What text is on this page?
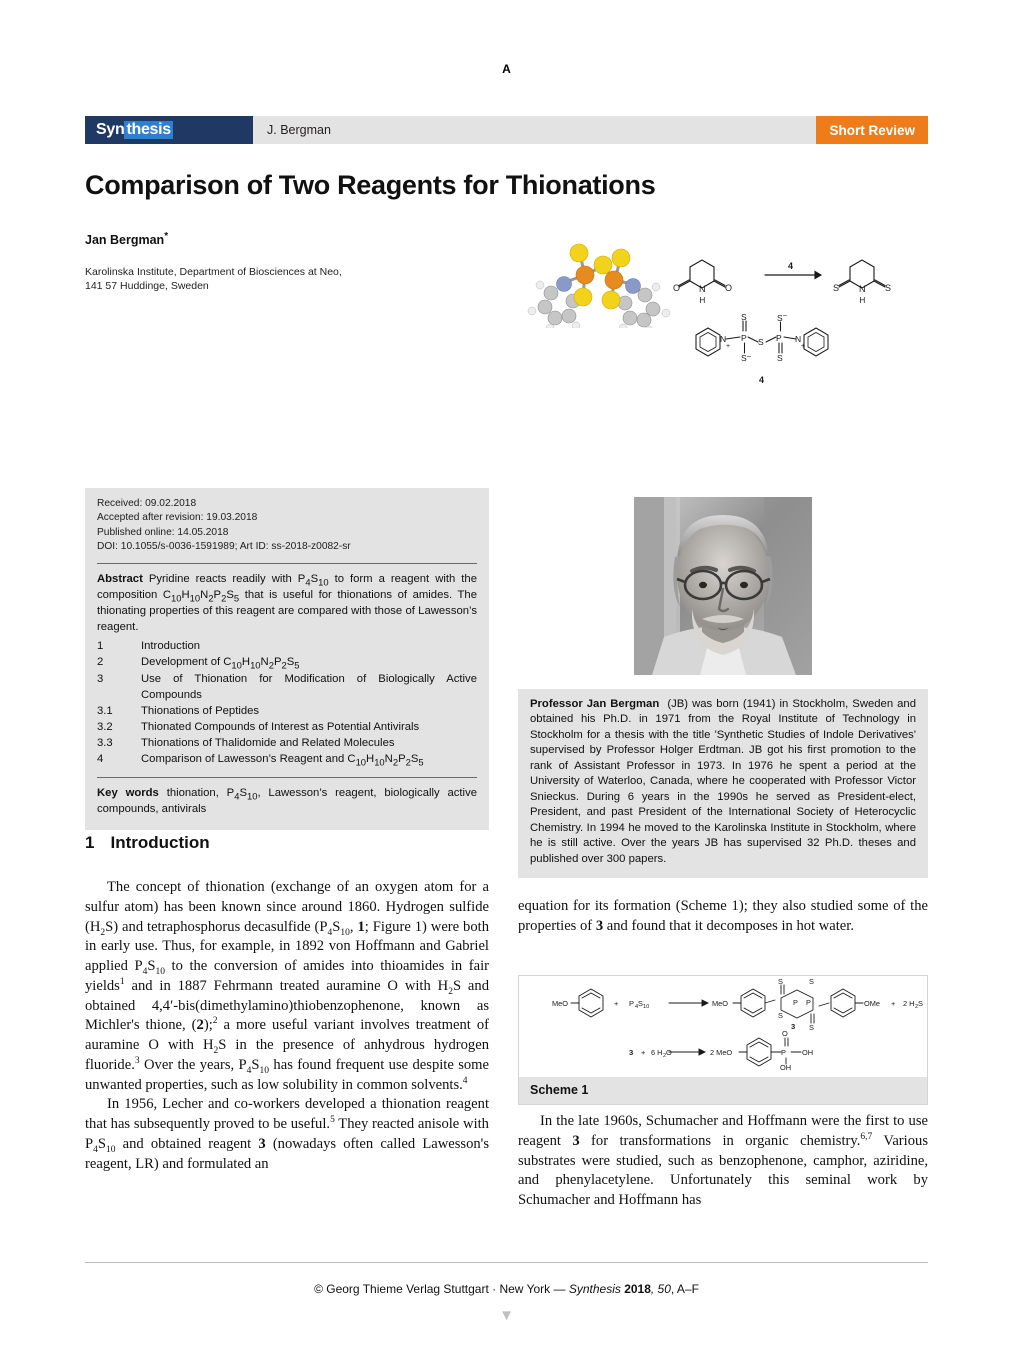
A
Syn thesis	J. Bergman	Short Review
Comparison of Two Reagents for Thionations
Jan Bergman*
Karolinska Institute, Department of Biosciences at Neo,
141 57 Huddinge, Sweden	O	O
N
H
S	S
N
H
4
N
+
P
S
S –
S P
S –
S
N
+
4
Received: 09.02.2018
Accepted after revision: 19.03.2018
Published online: 14.05.2018
DOI: 10.1055/s-0036-1591989; Art ID: ss-2018-z0082-sr
Abstract Pyridine reacts readily with $P_4S_{10}$ to form a reagent with the composition $C_{10}H_{10}N_2P_2S_5$ that is useful for thionations of amides. The thionating properties of this reagent are compared with those of Lawesson’s reagent.
1	Introduction
2	Development of $C_{10}H_{10}N_2P_2S_5$
3	Use of Thionation for Modification of Biologically Active Compounds
3.1	Thionations of Peptides
3.2	Thionated Compounds of Interest as Potential Antivirals
3.3	Thionations of Thalidomide and Related Molecules
4	Comparison of Lawesson’s Reagent and $C_{10}H_{10}N_2P_2S_5$
Key words thionation, $P_4S_{10}$, Lawesson’s reagent, biologically active compounds, antivirals
Professor Jan Bergman (JB) was born (1941) in Stockholm, Sweden and obtained his Ph.D. in 1971 from the Royal Institute of Technology in Stockholm for a thesis with the title 'Synthetic Studies of Indole Derivatives' supervised by Professor Holger Erdtman. JB got his first promotion to the rank of Assistant Professor in 1973. In 1976 he spent a period at the University of Waterloo, Canada, where he cooperated with Professor Victor Snieckus. During 6 years in the 1990s he served as President-elect, President, and past President of the International Society of Heterocyclic Chemistry. In 1994 he moved to the Karolinska Institute in Stockholm, where he is still active. Over the years JB has supervised 32 Ph.D. theses and published over 300 papers.
1 Introduction

The concept of thionation (exchange of an oxygen atom for a sulfur atom) has been known since around 1860. Hydrogen sulfide $(H_2S)$ and tetraphosphorus decasulfide ($P_4S_{10}$, 1; Figure 1) were both in early use. Thus, for example, in 1892 von Hoffmann and Gabriel applied $P_4S_{10}$ to the conversion of amides into thioamides in fair yields$^1$ and in 1887 Fehrmann treated auramine O with $H_2S$ and obtained 4,4′-bis(dimethylamino)thiobenzophenone, known as Michler's thione, (2);$^2$ a more useful variant involves treatment of auramine O with $H_2S$ in the presence of anhydrous hydrogen fluoride.$^3$ Over the years, $P_4S_{10}$ has found frequent use despite some unwanted properties, such as low solubility in common solvents.$^4$

In 1956, Lecher and co-workers developed a thionation reagent that has subsequently proved to be useful.$^5$ They reacted anisole with $P_4S_{10}$ and obtained reagent 3 (nowadays often called Lawesson's reagent, LR) and formulated an

equation for its formation (Scheme 1); they also studied some of the properties of 3 and found that it decomposes in hot water.

MeO	+ P 4 S 10	MeO
S	S
S
S
P P	OMe + 2 H 2 S
3
3 + 6 H 2 O	2 MeO
O
P OH
OH
Scheme 1

In the late 1960s, Schumacher and Hoffmann were the first to use reagent 3 for transformations in organic chemistry.$^{6,7}$ Various substrates were studied, such as benzophenone, camphor, aziridine, and phenylacetylene. Unfortunately this seminal work by Schumacher and Hoffmann has

© Georg Thieme Verlag Stuttgart · New York — Synthesis 2018, 50, A–F
▼
